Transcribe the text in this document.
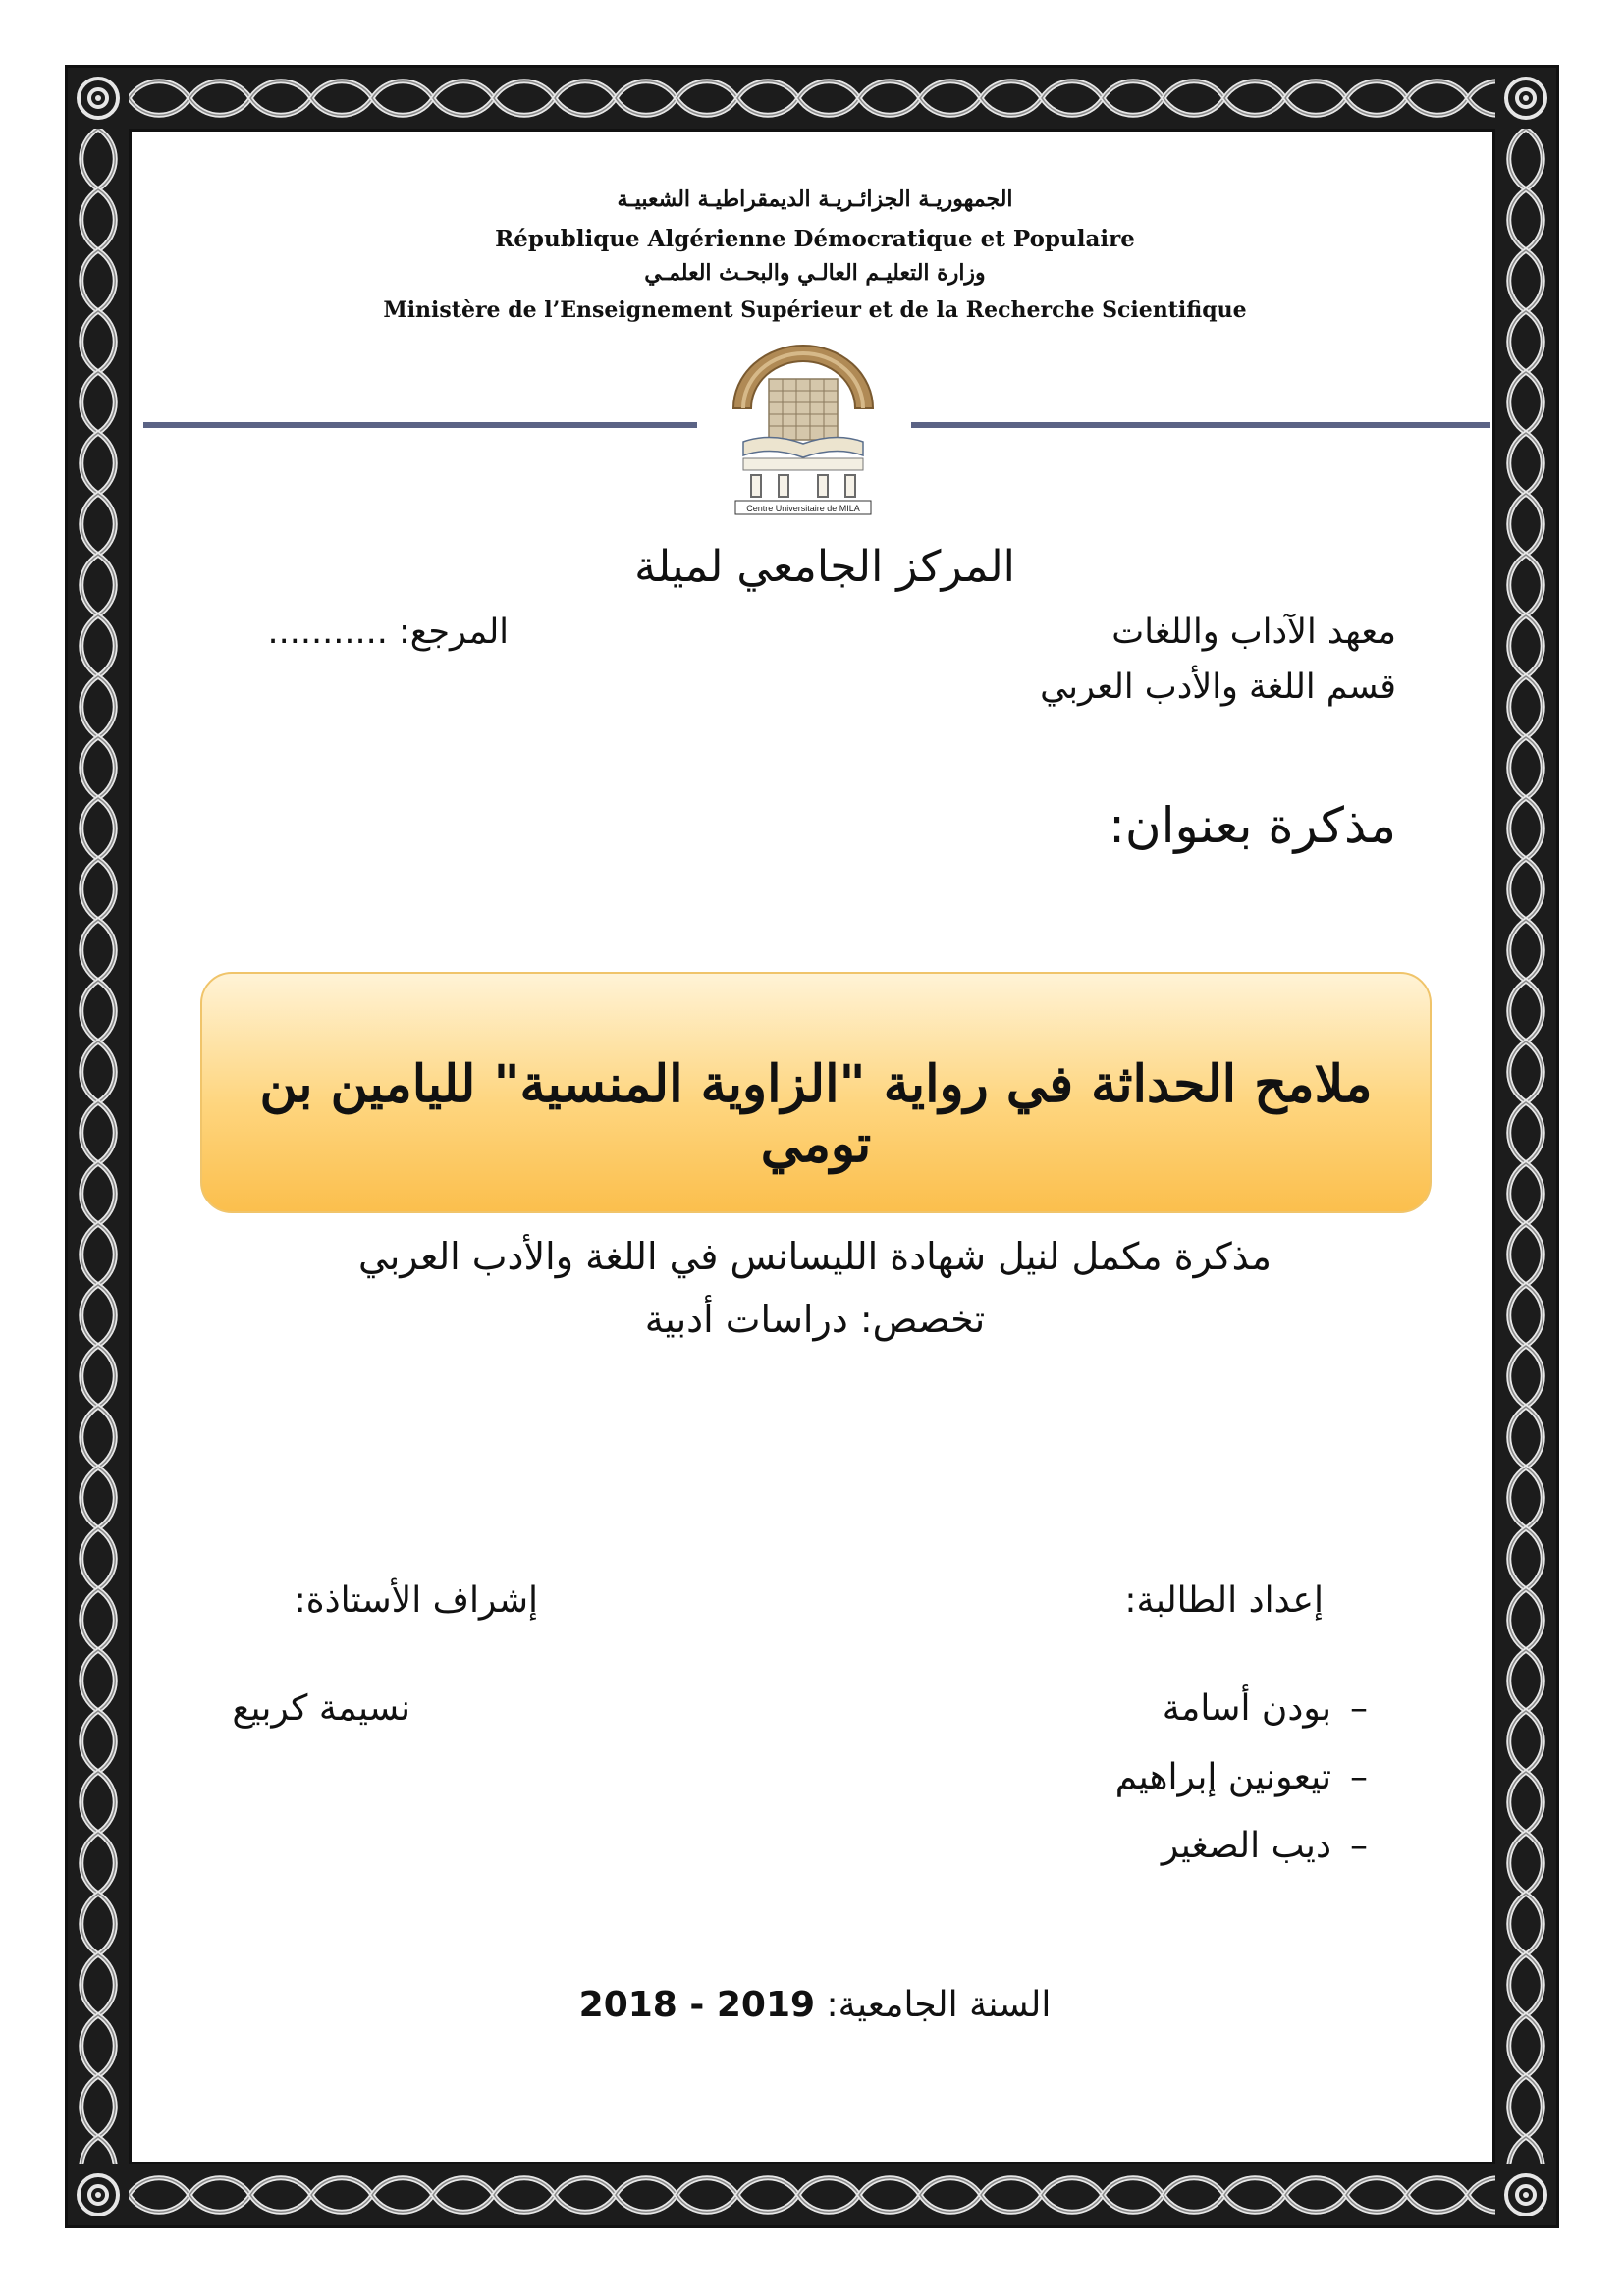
الجمهوريـة الجزائـريـة الديمقراطيـة الشعبيـة
République Algérienne Démocratique et Populaire
وزارة التعليـم العالـي والبحـث العلمـي
Ministère de l’Enseignement Supérieur et de la Recherche Scientifique
Centre Universitaire de MILA
المركز الجامعي لميلة
معهد الآداب واللغات
قسم اللغة والأدب العربي
المرجع: ...........
مذكرة بعنوان:
ملامح الحداثة في رواية "الزاوية المنسية" لليامين بن تومي
مذكرة مكمل لنيل شهادة الليسانس في اللغة والأدب العربي
تخصص: دراسات أدبية
إعداد الطالبة:
إشراف الأستاذة:
نسيمة كربيع	–بودن أسامة
–تيعونين إبراهيم
–ديب الصغير
السنة الجامعية: 2018 - 2019
